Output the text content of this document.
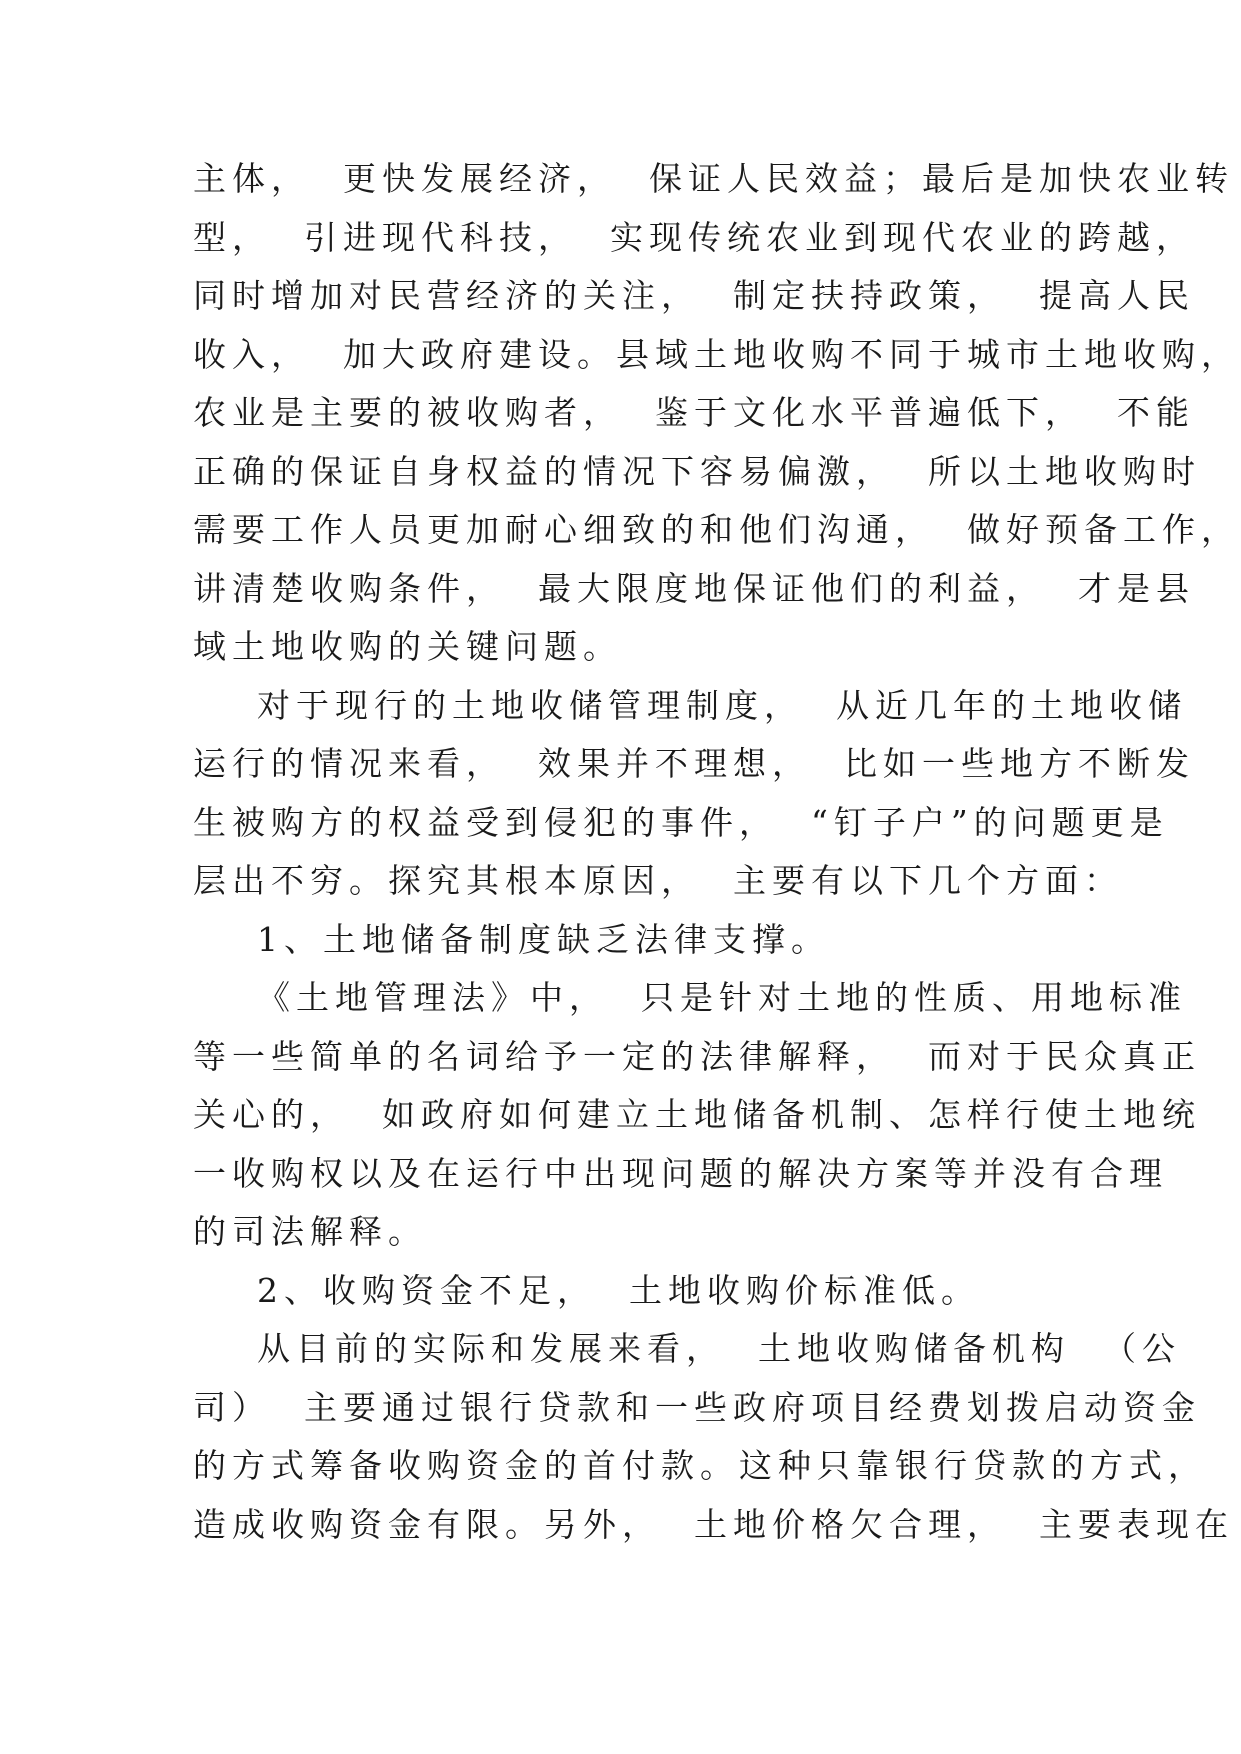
主体，  更快发展经济，  保证人民效益；最后是加快农业转
型，  引进现代科技，  实现传统农业到现代农业的跨越，
同时增加对民营经济的关注，  制定扶持政策，  提高人民
收入，  加大政府建设。县域土地收购不同于城市土地收购，
农业是主要的被收购者，  鉴于文化水平普遍低下，  不能
正确的保证自身权益的情况下容易偏激，  所以土地收购时
需要工作人员更加耐心细致的和他们沟通，  做好预备工作，
讲清楚收购条件，  最大限度地保证他们的利益，  才是县
域土地收购的关键问题。
对于现行的土地收储管理制度，  从近几年的土地收储
运行的情况来看，  效果并不理想，  比如一些地方不断发
生被购方的权益受到侵犯的事件，  “钉子户”的问题更是
层出不穷。探究其根本原因，  主要有以下几个方面：
1、土地储备制度缺乏法律支撑。
《土地管理法》中，  只是针对土地的性质、用地标准
等一些简单的名词给予一定的法律解释，  而对于民众真正
关心的，  如政府如何建立土地储备机制、怎样行使土地统
一收购权以及在运行中出现问题的解决方案等并没有合理
的司法解释。
2、收购资金不足，  土地收购价标准低。
从目前的实际和发展来看，  土地收购储备机构  （公
司）  主要通过银行贷款和一些政府项目经费划拨启动资金
的方式筹备收购资金的首付款。这种只靠银行贷款的方式，
造成收购资金有限。另外，  土地价格欠合理，  主要表现在
